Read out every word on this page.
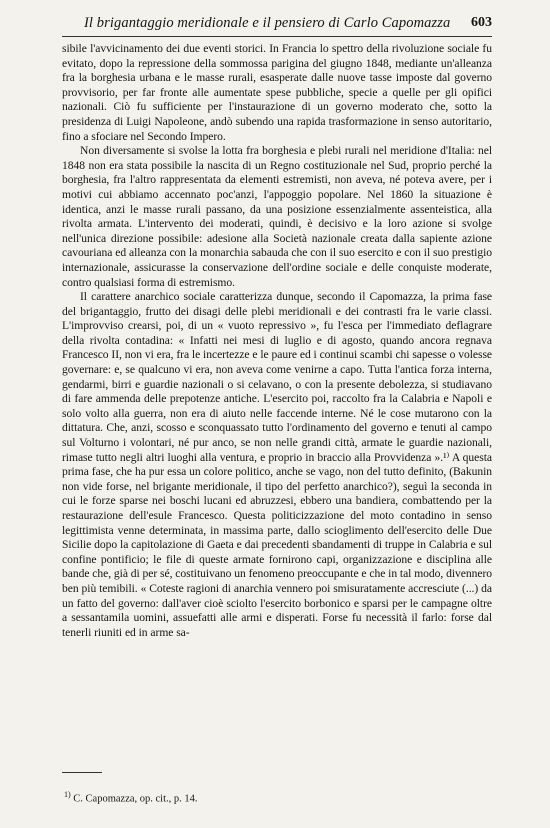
Il brigantaggio meridionale e il pensiero di Carlo Capomazza 603

sibile l'avvicinamento dei due eventi storici. In Francia lo spettro della rivoluzione sociale fu evitato, dopo la repressione della sommossa parigina del giugno 1848, mediante un'alleanza fra la borghesia urbana e le masse rurali, esasperate dalle nuove tasse imposte dal governo provvisorio, per far fronte alle aumentate spese pubbliche, specie a quelle per gli opifici nazionali. Ciò fu sufficiente per l'instaurazione di un governo moderato che, sotto la presidenza di Luigi Napoleone, andò subendo una rapida trasformazione in senso autoritario, fino a sfociare nel Secondo Impero.

Non diversamente si svolse la lotta fra borghesia e plebi rurali nel meridione d'Italia: nel 1848 non era stata possibile la nascita di un Regno costituzionale nel Sud, proprio perché la borghesia, fra l'altro rappresentata da elementi estremisti, non aveva, né poteva avere, per i motivi cui abbiamo accennato poc'anzi, l'appoggio popolare. Nel 1860 la situazione è identica, anzi le masse rurali passano, da una posizione essenzialmente assenteistica, alla rivolta armata. L'intervento dei moderati, quindi, è decisivo e la loro azione si svolge nell'unica direzione possibile: adesione alla Società nazionale creata dalla sapiente azione cavouriana ed alleanza con la monarchia sabauda che con il suo esercito e con il suo prestigio internazionale, assicurasse la conservazione dell'ordine sociale e delle conquiste moderate, contro qualsiasi forma di estremismo.

Il carattere anarchico sociale caratterizza dunque, secondo il Capomazza, la prima fase del brigantaggio, frutto dei disagi delle plebi meridionali e dei contrasti fra le varie classi. L'improvviso crearsi, poi, di un « vuoto repressivo », fu l'esca per l'immediato deflagrare della rivolta contadina: « Infatti nei mesi di luglio e di agosto, quando ancora regnava Francesco II, non vi era, fra le incertezze e le paure ed i continui scambi chi sapesse o volesse governare: e, se qualcuno vi era, non aveva come venirne a capo. Tutta l'antica forza interna, gendarmi, birri e guardie nazionali o si celavano, o con la presente debolezza, si studiavano di fare ammenda delle prepotenze antiche. L'esercito poi, raccolto fra la Calabria e Napoli e solo volto alla guerra, non era di aiuto nelle faccende interne. Né le cose mutarono con la dittatura. Che, anzi, scosso e sconquassato tutto l'ordinamento del governo e tenuti al campo sul Volturno i volontari, né pur anco, se non nelle grandi città, armate le guardie nazionali, rimase tutto negli altri luoghi alla ventura, e proprio in braccio alla Provvidenza ».¹⁾ A questa prima fase, che ha pur essa un colore politico, anche se vago, non del tutto definito, (Bakunin non vide forse, nel brigante meridionale, il tipo del perfetto anarchico?), seguì la seconda in cui le forze sparse nei boschi lucani ed abruzzesi, ebbero una bandiera, combattendo per la restaurazione dell'esule Francesco. Questa politicizzazione del moto contadino in senso legittimista venne determinata, in massima parte, dallo scioglimento dell'esercito delle Due Sicilie dopo la capitolazione di Gaeta e dai precedenti sbandamenti di truppe in Calabria e sul confine pontificio; le file di queste armate fornirono capi, organizzazione e disciplina alle bande che, già di per sé, costituivano un fenomeno preoccupante e che in tal modo, divennero ben più temibili. « Coteste ragioni di anarchia vennero poi smisuratamente accresciute (...) da un fatto del governo: dall'aver cioè sciolto l'esercito borbonico e sparsi per le campagne oltre a sessantamila uomini, assuefatti alle armi e disperati. Forse fu necessità il farlo: forse dal tenerli riuniti ed in arme sa-

$^{1)}$ C. Capomazza, op. cit., p. 14.
